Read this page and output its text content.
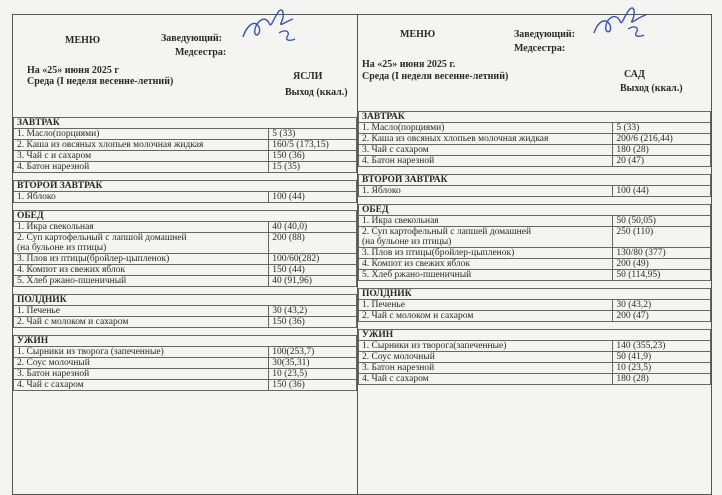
МЕНЮ	Заведующий:
Медсестра:
На «25» июня 2025 г
Среда (I неделя весенне-летний)	ЯСЛИ
Выход (ккал.)
ЗАВТРАК	

1. Масло(порциями)	5 (33)

2. Каша из овсяных хлопьев молочная жидкая	160/5 (173,15)

3. Чай с и сахаром	150 (36)

4. Батон нарезной	15 (35)

ВТОРОЙ ЗАВТРАК	

1. Яблоко	100 (44)

ОБЕД	

1. Икра свекольная	40 (40,0)

2. Суп картофельный с лапшой домашней
(на бульоне из птицы)	200 (88)

3. Плов из птицы(бройлер-цыпленок)	100/60(282)

4. Компот из свежих яблок	150 (44)

5. Хлеб ржано-пшеничный	40 (91,96)

ПОЛДНИК	

1. Печенье	30 (43,2)

2. Чай с молоком и сахаром	150 (36)

УЖИН	

1. Сырники из творога (запеченные)	100(253,7)

2. Соус молочный	30(35,31)

3. Батон нарезной	10 (23,5)

4. Чай с сахаром	150 (36)
МЕНЮ	Заведующий:
Медсестра:
На «25» июня 2025 г.
Среда (I неделя весенне-летний)	САД
Выход (ккал.)
ЗАВТРАК	

1. Масло(порциями)	5 (33)

2. Каша из овсяных хлопьев молочная жидкая	200/6 (216,44)

3. Чай с сахаром	180 (28)

4. Батон нарезной	20 (47)

ВТОРОЙ ЗАВТРАК	

1. Яблоко	100 (44)

ОБЕД	

1. Икра свекольная	50 (50,05)

2. Суп картофельный с лапшей домашней
(на бульоне из птицы)	250 (110)

3. Плов из птицы(бройлер-цыпленок)	130/80 (377)

4. Компот из свежих яблок	200 (49)

5. Хлеб ржано-пшеничный	50 (114,95)

ПОЛДНИК	

1. Печенье	30 (43,2)

2. Чай с молоком и сахаром	200 (47)

УЖИН	

1. Сырники из творога(запеченные)	140 (355,23)

2. Соус молочный	50 (41,9)

3. Батон нарезной	10 (23,5)

4. Чай с сахаром	180 (28)
